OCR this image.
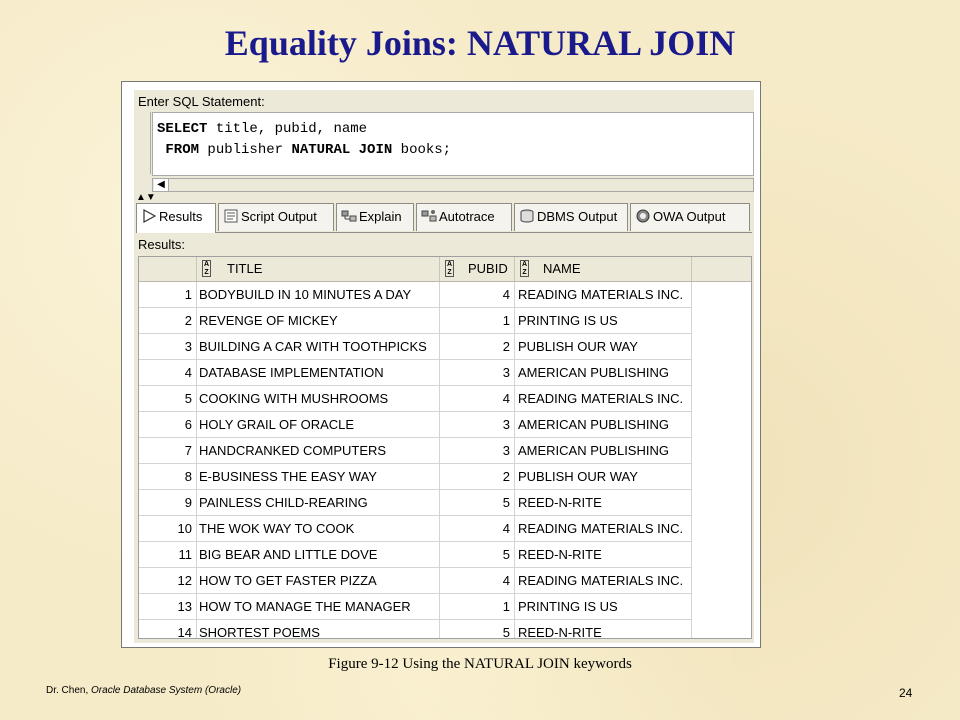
Equality Joins: NATURAL JOIN
Enter SQL Statement:
SELECT title, pubid, name
FROM publisher NATURAL JOIN books;
◀
▲▼
Results	Script Output	Explain	Autotrace	DBMS Output	OWA Output
Results:
A
Z TITLE	A
Z PUBID A
Z NAME
1 BODYBUILD IN 10 MINUTES A DAY	4 READING MATERIALS INC.
2 REVENGE OF MICKEY	1 PRINTING IS US
3 BUILDING A CAR WITH TOOTHPICKS	2 PUBLISH OUR WAY
4 DATABASE IMPLEMENTATION	3 AMERICAN PUBLISHING
5 COOKING WITH MUSHROOMS	4 READING MATERIALS INC.
6 HOLY GRAIL OF ORACLE	3 AMERICAN PUBLISHING
7 HANDCRANKED COMPUTERS	3 AMERICAN PUBLISHING
8 E-BUSINESS THE EASY WAY	2 PUBLISH OUR WAY
9 PAINLESS CHILD-REARING	5 REED-N-RITE
10 THE WOK WAY TO COOK	4 READING MATERIALS INC.
11 BIG BEAR AND LITTLE DOVE	5 REED-N-RITE
12 HOW TO GET FASTER PIZZA	4 READING MATERIALS INC.
13 HOW TO MANAGE THE MANAGER	1 PRINTING IS US
14 SHORTEST POEMS	5 REED-N-RITE
Figure 9-12 Using the NATURAL JOIN keywords
Dr. Chen, Oracle Database System (Oracle)	24
